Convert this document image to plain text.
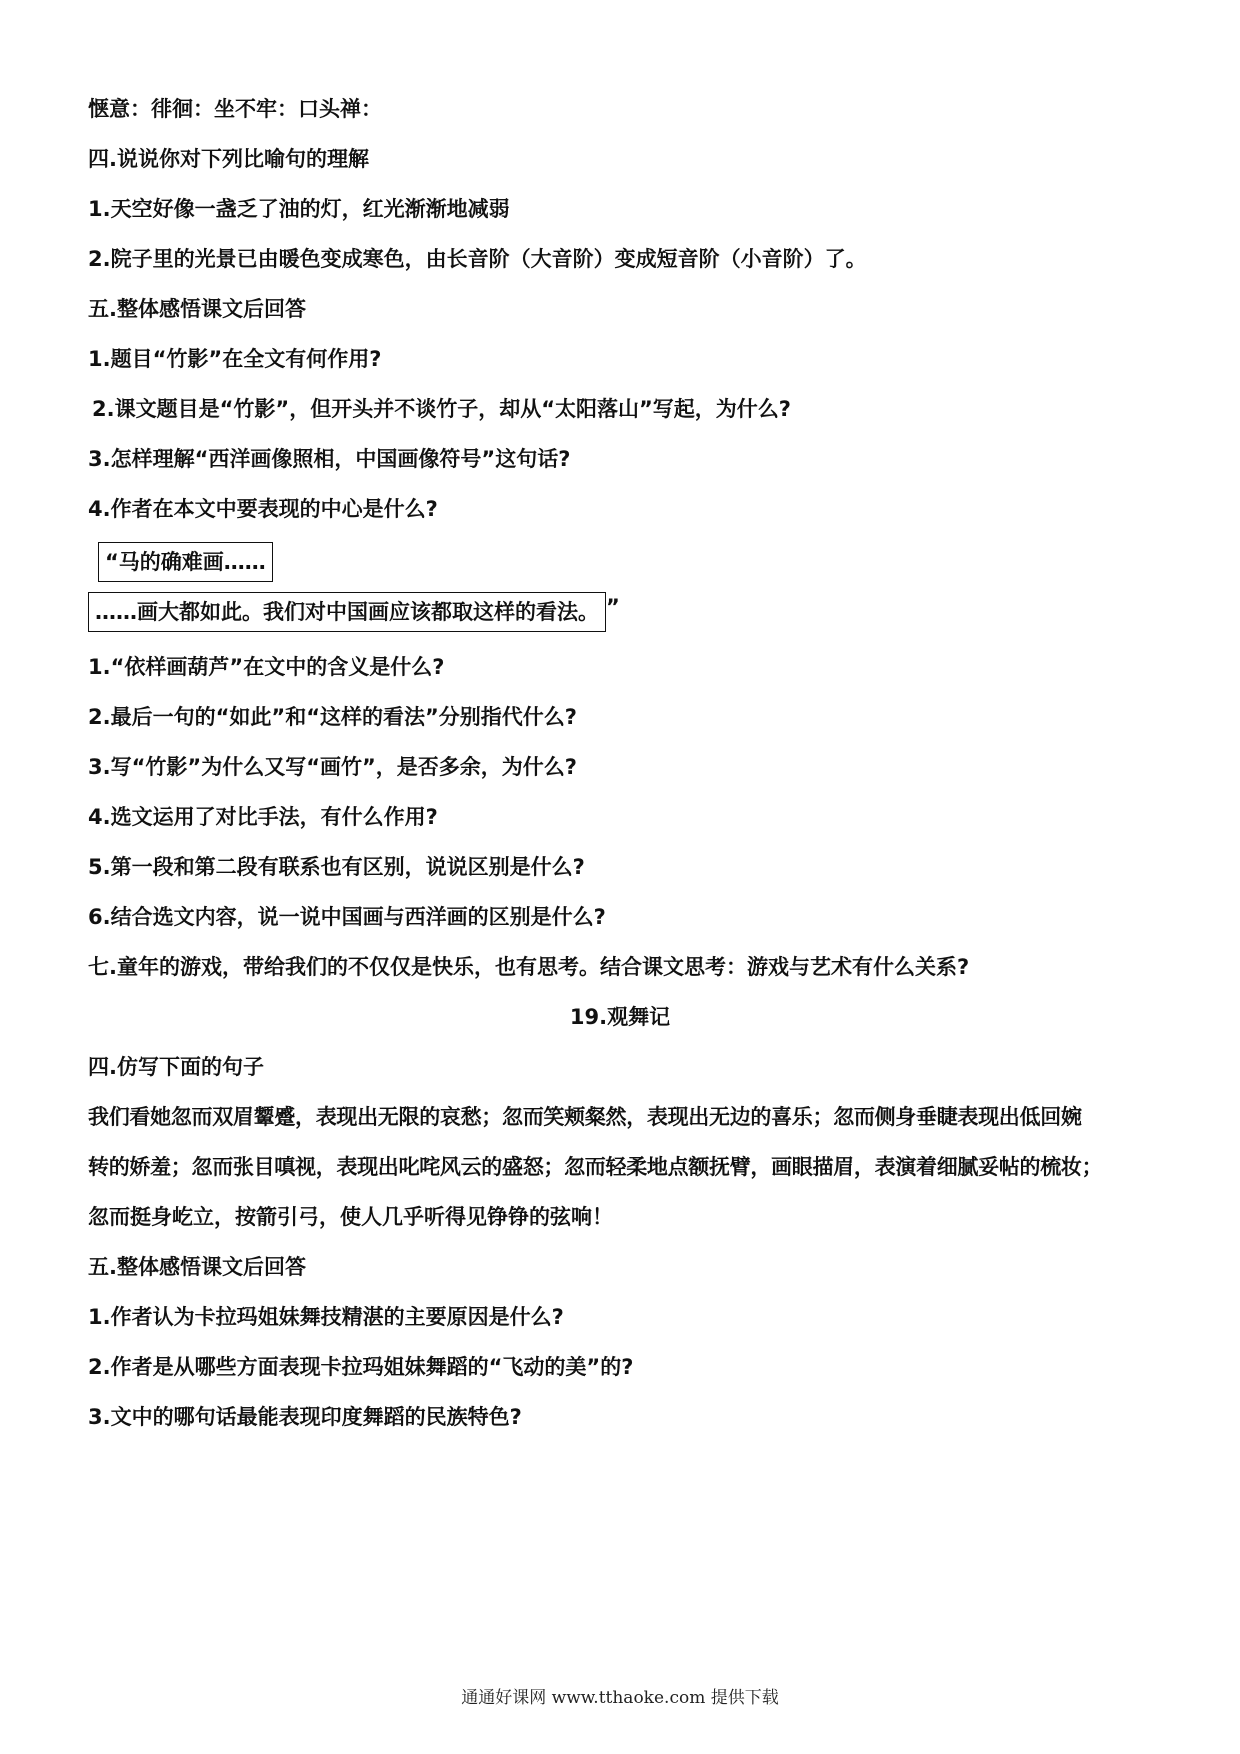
惬意：徘徊：坐不牢：口头禅：
四.说说你对下列比喻句的理解
1.天空好像一盏乏了油的灯，红光渐渐地减弱
2.院子里的光景已由暖色变成寒色，由长音阶（大音阶）变成短音阶（小音阶）了。
五.整体感悟课文后回答
1.题目“竹影”在全文有何作用?
2.课文题目是“竹影”，但开头并不谈竹子，却从“太阳落山”写起，为什么?
3.怎样理解“西洋画像照相，中国画像符号”这句话?
4.作者在本文中要表现的中心是什么?
“马的确难画……
……画大都如此。我们对中国画应该都取这样的看法。 ”
1.“依样画葫芦”在文中的含义是什么?
2.最后一句的“如此”和“这样的看法”分别指代什么?
3.写“竹影”为什么又写“画竹”，是否多余，为什么?
4.选文运用了对比手法，有什么作用?
5.第一段和第二段有联系也有区别，说说区别是什么?
6.结合选文内容，说一说中国画与西洋画的区别是什么?
七.童年的游戏，带给我们的不仅仅是快乐，也有思考。结合课文思考：游戏与艺术有什么关系?
19.观舞记
四.仿写下面的句子
我们看她忽而双眉颦蹙，表现出无限的哀愁；忽而笑颊粲然，表现出无边的喜乐；忽而侧身垂睫表现出低回婉
转的娇羞；忽而张目嗔视，表现出叱咤风云的盛怒；忽而轻柔地点额抚臂，画眼描眉，表演着细腻妥帖的梳妆；
忽而挺身屹立，按箭引弓，使人几乎听得见铮铮的弦响！
五.整体感悟课文后回答
1.作者认为卡拉玛姐妹舞技精湛的主要原因是什么?
2.作者是从哪些方面表现卡拉玛姐妹舞蹈的“飞动的美”的?
3.文中的哪句话最能表现印度舞蹈的民族特色?
通通好课网 www.tthaoke.com 提供下载
